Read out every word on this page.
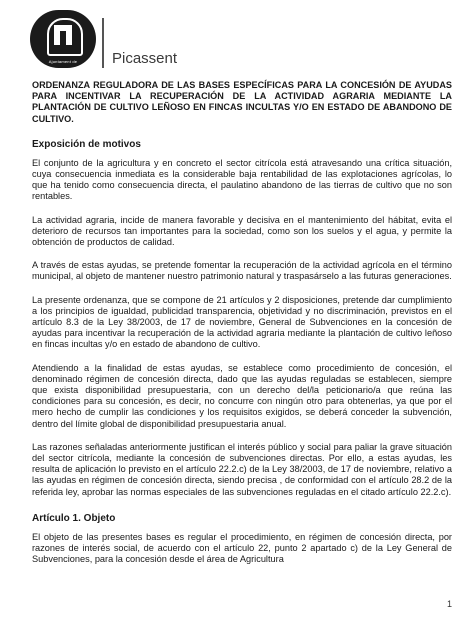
Ajuntament de	Picassent

ORDENANZA REGULADORA DE LAS BASES ESPECÍFICAS PARA LA CONCESIÓN DE AYUDAS PARA INCENTIVAR LA RECUPERACIÓN DE LA ACTIVIDAD AGRARIA MEDIANTE LA PLANTACIÓN DE CULTIVO LEÑOSO EN FINCAS INCULTAS Y/O EN ESTADO DE ABANDONO DE CULTIVO.

Exposición de motivos

El conjunto de la agricultura y en concreto el sector citrícola está atravesando una crítica situación, cuya consecuencia inmediata es la considerable baja rentabilidad de las explotaciones agrícolas, lo que ha tenido como consecuencia directa, el paulatino abandono de las tierras de cultivo que no son rentables.

La actividad agraria, incide de manera favorable y decisiva en el mantenimiento del hábitat, evita el deterioro de recursos tan importantes para la sociedad, como son los suelos y el agua, y permite la obtención de productos de calidad.

A través de estas ayudas, se pretende fomentar la recuperación de la actividad agrícola en el término municipal, al objeto de mantener nuestro patrimonio natural y traspasárselo a las futuras generaciones.

La presente ordenanza, que se compone de 21 artículos y 2 disposiciones, pretende dar cumplimiento a los principios de igualdad, publicidad transparencia, objetividad y no discriminación, previstos en el artículo 8.3 de la Ley 38/2003, de 17 de noviembre, General de Subvenciones en la concesión de ayudas para incentivar la recuperación de la actividad agraria mediante la plantación de cultivo leñoso en fincas incultas y/o en estado de abandono de cultivo.

Atendiendo a la finalidad de estas ayudas, se establece como procedimiento de concesión, el denominado régimen de concesión directa, dado que las ayudas reguladas se establecen, siempre que exista disponibilidad presupuestaria, con un derecho del/la peticionario/a que reúna las condiciones para su concesión, es decir, no concurre con ningún otro para obtenerlas, ya que por el mero hecho de cumplir las condiciones y los requisitos exigidos, se deberá conceder la subvención, dentro del límite global de disponibilidad presupuestaria anual.

Las razones señaladas anteriormente justifican el interés público y social para paliar la grave situación del sector citrícola, mediante la concesión de subvenciones directas. Por ello, a estas ayudas, les resulta de aplicación lo previsto en el artículo 22.2.c) de la Ley 38/2003, de 17 de noviembre, relativo a las ayudas en régimen de concesión directa, siendo precisa , de conformidad con el artículo 28.2 de la referida ley, aprobar las normas especiales de las subvenciones reguladas en el citado artículo 22.2.c).

Artículo 1. Objeto

El objeto de las presentes bases es regular el procedimiento, en régimen de concesión directa, por razones de interés social, de acuerdo con el artículo 22, punto 2 apartado c) de la Ley General de Subvenciones, para la concesión desde el área de Agricultura

1
